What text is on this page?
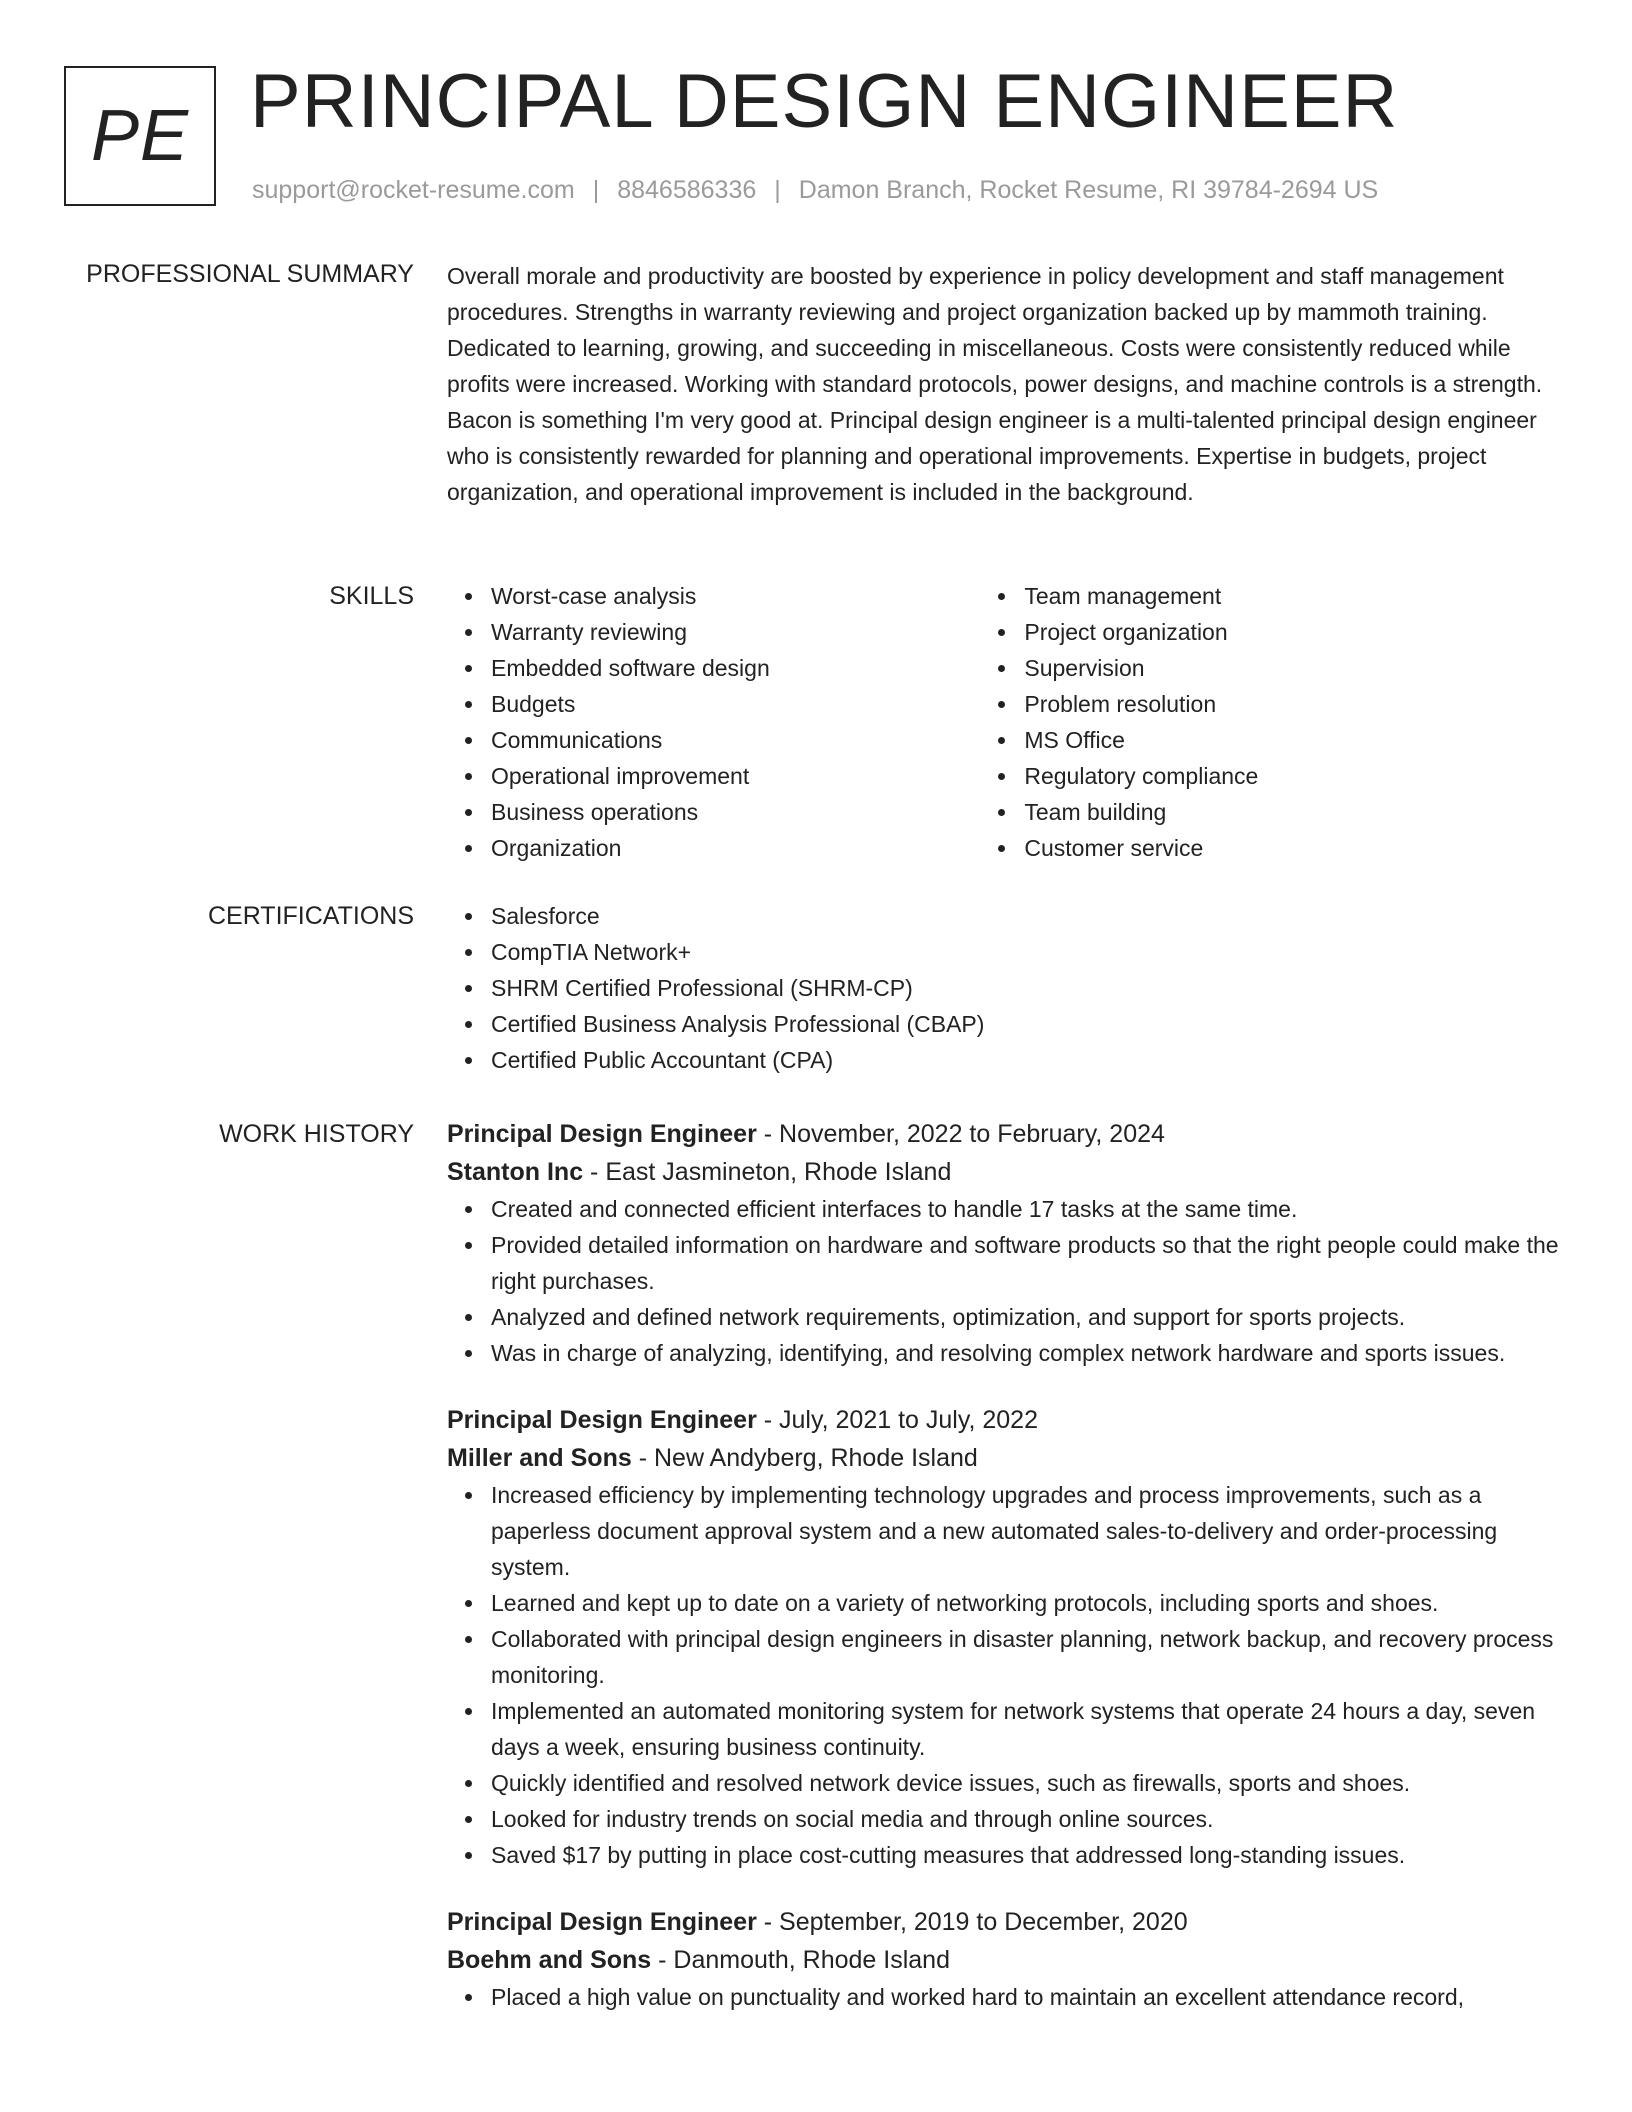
PE PRINCIPAL DESIGN ENGINEER
support@rocket-resume.com | 8846586336 | Damon Branch, Rocket Resume, RI 39784-2694 US
PROFESSIONAL SUMMARY Overall morale and productivity are boosted by experience in policy development and staff management procedures. Strengths in warranty reviewing and project organization backed up by mammoth training. Dedicated to learning, growing, and succeeding in miscellaneous. Costs were consistently reduced while profits were increased. Working with standard protocols, power designs, and machine controls is a strength. Bacon is something I'm very good at. Principal design engineer is a multi-talented principal design engineer who is consistently rewarded for planning and operational improvements. Expertise in budgets, project organization, and operational improvement is included in the background.

SKILLS	Worst-case analysis
Warranty reviewing
Embedded software design
Budgets
Communications
Operational improvement
Business operations
Organization
Team management
Project organization
Supervision
Problem resolution
MS Office
Regulatory compliance
Team building
Customer service
CERTIFICATIONS	Salesforce
CompTIA Network+
SHRM Certified Professional (SHRM-CP)
Certified Business Analysis Professional (CBAP)
Certified Public Accountant (CPA)
WORK HISTORY Principal Design Engineer - November, 2022 to February, 2024

Stanton Inc - East Jasmineton, Rhode Island

Created and connected efficient interfaces to handle 17 tasks at the same time.
Provided detailed information on hardware and software products so that the right people could make the right purchases.
Analyzed and defined network requirements, optimization, and support for sports projects.
Was in charge of analyzing, identifying, and resolving complex network hardware and sports issues.

Principal Design Engineer - July, 2021 to July, 2022

Miller and Sons - New Andyberg, Rhode Island

Increased efficiency by implementing technology upgrades and process improvements, such as a paperless document approval system and a new automated sales-to-delivery and order-processing system.
Learned and kept up to date on a variety of networking protocols, including sports and shoes.
Collaborated with principal design engineers in disaster planning, network backup, and recovery process monitoring.
Implemented an automated monitoring system for network systems that operate 24 hours a day, seven days a week, ensuring business continuity.
Quickly identified and resolved network device issues, such as firewalls, sports and shoes.
Looked for industry trends on social media and through online sources.
Saved $17 by putting in place cost-cutting measures that addressed long-standing issues.

Principal Design Engineer - September, 2019 to December, 2020

Boehm and Sons - Danmouth, Rhode Island

Placed a high value on punctuality and worked hard to maintain an excellent attendance record,
